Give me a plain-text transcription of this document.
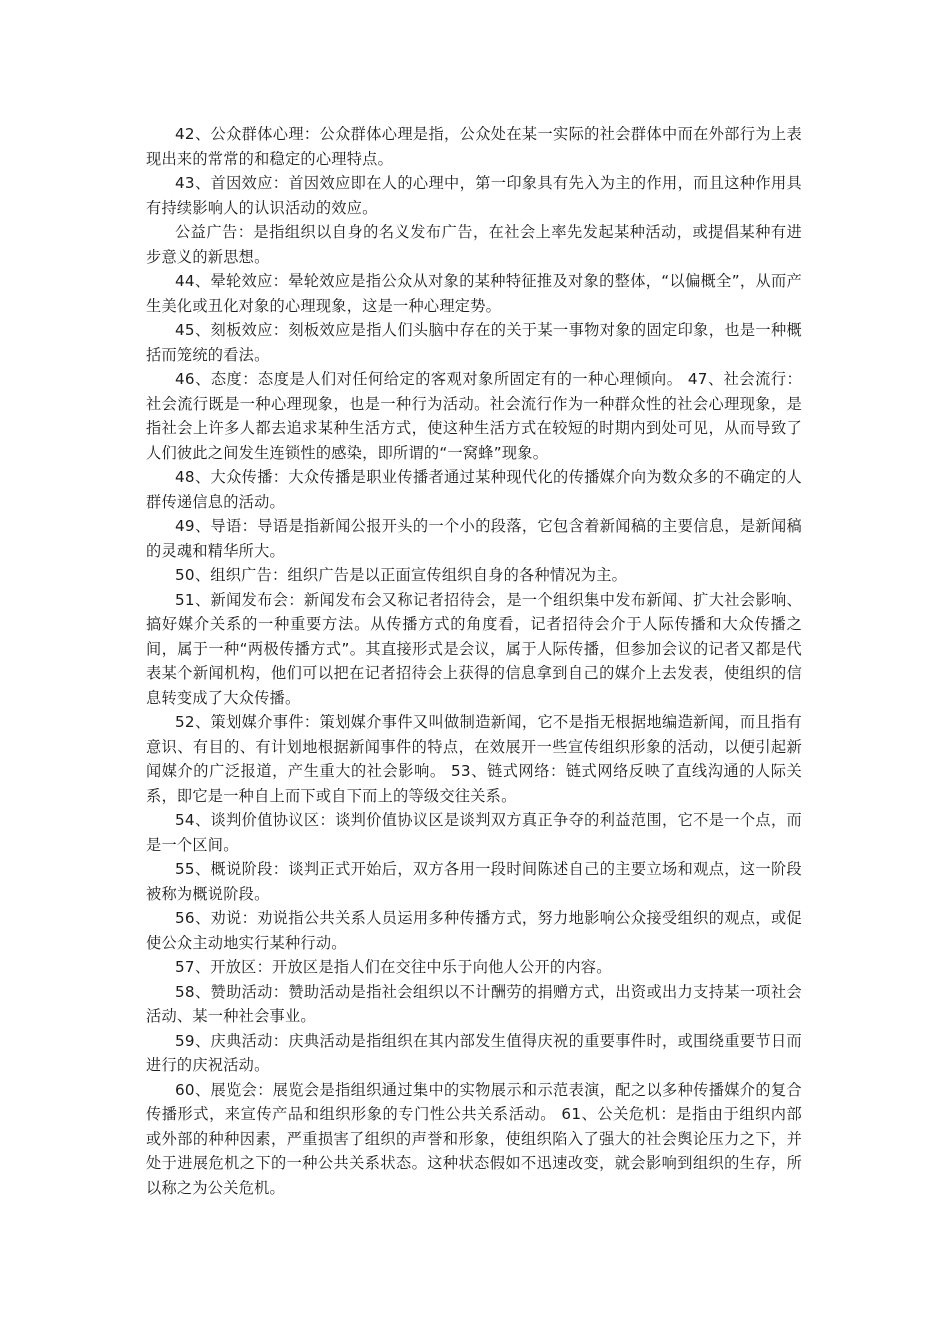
42、公众群体心理：公众群体心理是指，公众处在某一实际的社会群体中而在外部行为上表现出来的常常的和稳定的心理特点。

43、首因效应：首因效应即在人的心理中，第一印象具有先入为主的作用，而且这种作用具有持续影响人的认识活动的效应。

公益广告：是指组织以自身的名义发布广告，在社会上率先发起某种活动，或提倡某种有进步意义的新思想。

44、晕轮效应：晕轮效应是指公众从对象的某种特征推及对象的整体，“以偏概全”，从而产生美化或丑化对象的心理现象，这是一种心理定势。

45、刻板效应：刻板效应是指人们头脑中存在的关于某一事物对象的固定印象，也是一种概括而笼统的看法。

46、态度：态度是人们对任何给定的客观对象所固定有的一种心理倾向。 47、社会流行：社会流行既是一种心理现象，也是一种行为活动。社会流行作为一种群众性的社会心理现象，是指社会上许多人都去追求某种生活方式，使这种生活方式在较短的时期内到处可见，从而导致了人们彼此之间发生连锁性的感染，即所谓的“一窝蜂”现象。

48、大众传播：大众传播是职业传播者通过某种现代化的传播媒介向为数众多的不确定的人群传递信息的活动。

49、导语：导语是指新闻公报开头的一个小的段落，它包含着新闻稿的主要信息，是新闻稿的灵魂和精华所大。

50、组织广告：组织广告是以正面宣传组织自身的各种情况为主。

51、新闻发布会：新闻发布会又称记者招待会，是一个组织集中发布新闻、扩大社会影响、搞好媒介关系的一种重要方法。从传播方式的角度看，记者招待会介于人际传播和大众传播之间，属于一种“两极传播方式”。其直接形式是会议，属于人际传播，但参加会议的记者又都是代表某个新闻机构，他们可以把在记者招待会上获得的信息拿到自己的媒介上去发表，使组织的信息转变成了大众传播。

52、策划媒介事件：策划媒介事件又叫做制造新闻，它不是指无根据地编造新闻，而且指有意识、有目的、有计划地根据新闻事件的特点，在效展开一些宣传组织形象的活动，以便引起新闻媒介的广泛报道，产生重大的社会影响。 53、链式网络：链式网络反映了直线沟通的人际关系，即它是一种自上而下或自下而上的等级交往关系。

54、谈判价值协议区：谈判价值协议区是谈判双方真正争夺的利益范围，它不是一个点，而是一个区间。

55、概说阶段：谈判正式开始后，双方各用一段时间陈述自己的主要立场和观点，这一阶段被称为概说阶段。

56、劝说：劝说指公共关系人员运用多种传播方式，努力地影响公众接受组织的观点，或促使公众主动地实行某种行动。

57、开放区：开放区是指人们在交往中乐于向他人公开的内容。

58、赞助活动：赞助活动是指社会组织以不计酬劳的捐赠方式，出资或出力支持某一项社会活动、某一种社会事业。

59、庆典活动：庆典活动是指组织在其内部发生值得庆祝的重要事件时，或围绕重要节日而进行的庆祝活动。

60、展览会：展览会是指组织通过集中的实物展示和示范表演，配之以多种传播媒介的复合传播形式，来宣传产品和组织形象的专门性公共关系活动。 61、公关危机：是指由于组织内部或外部的种种因素，严重损害了组织的声誉和形象，使组织陷入了强大的社会舆论压力之下，并处于进展危机之下的一种公共关系状态。这种状态假如不迅速改变，就会影响到组织的生存，所以称之为公关危机。
